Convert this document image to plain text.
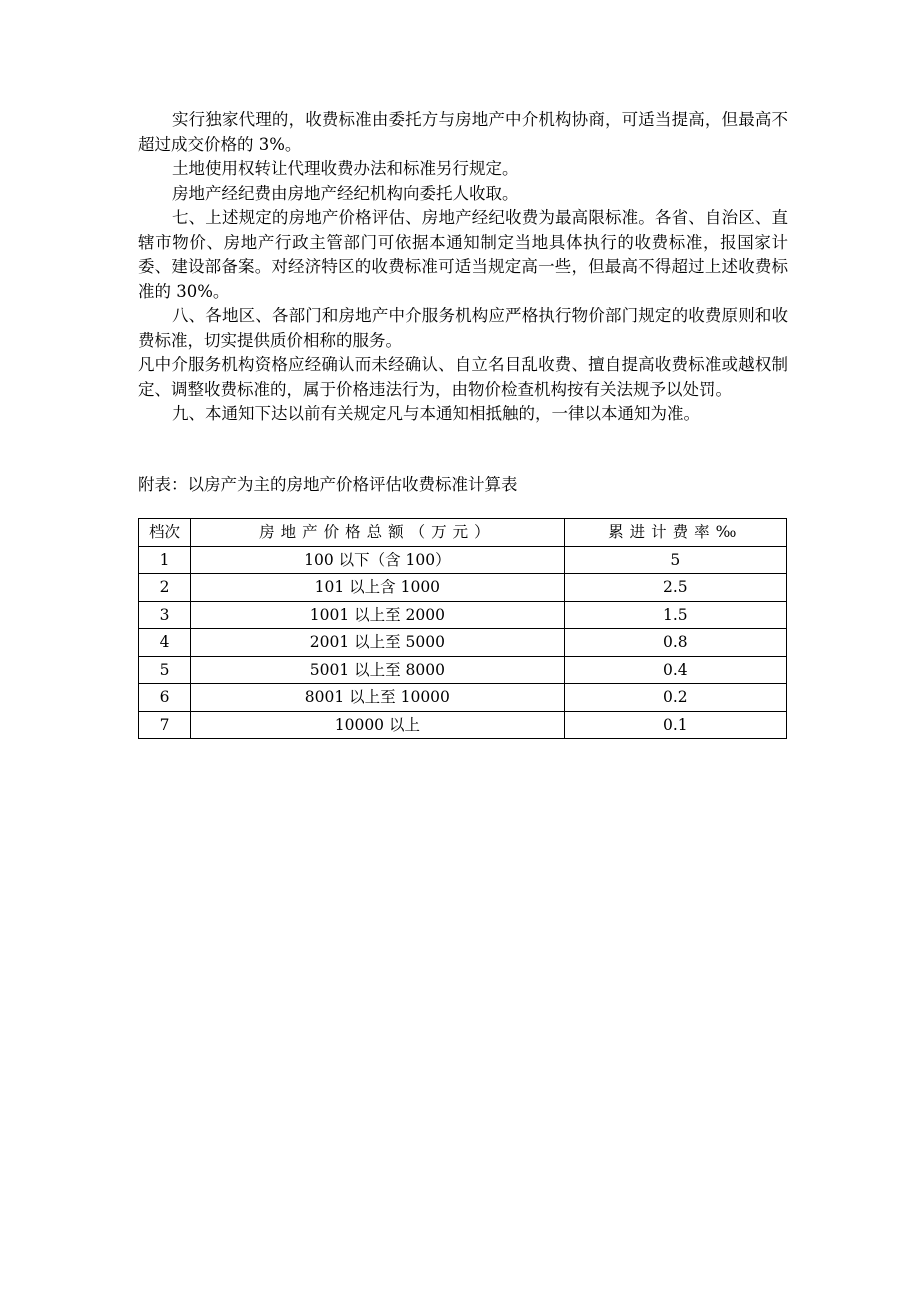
实行独家代理的，收费标准由委托方与房地产中介机构协商，可适当提高，但最高不超过成交价格的 3%。

土地使用权转让代理收费办法和标准另行规定。

房地产经纪费由房地产经纪机构向委托人收取。

七、上述规定的房地产价格评估、房地产经纪收费为最高限标准。各省、自治区、直辖市物价、房地产行政主管部门可依据本通知制定当地具体执行的收费标准，报国家计委、建设部备案。对经济特区的收费标准可适当规定高一些，但最高不得超过上述收费标准的 30%。

八、各地区、各部门和房地产中介服务机构应严格执行物价部门规定的收费原则和收费标准，切实提供质价相称的服务。

凡中介服务机构资格应经确认而未经确认、自立名目乱收费、擅自提高收费标准或越权制定、调整收费标准的，属于价格违法行为，由物价检查机构按有关法规予以处罚。

九、本通知下达以前有关规定凡与本通知相抵触的，一律以本通知为准。

附表：以房产为主的房地产价格评估收费标准计算表

档次	房地产价格总额（万元）	累进计费率‰
1	100 以下（含 100）	5
2	101 以上含 1000	2.5
3	1001 以上至 2000	1.5
4	2001 以上至 5000	0.8
5	5001 以上至 8000	0.4
6	8001 以上至 10000	0.2
7	10000 以上	0.1
